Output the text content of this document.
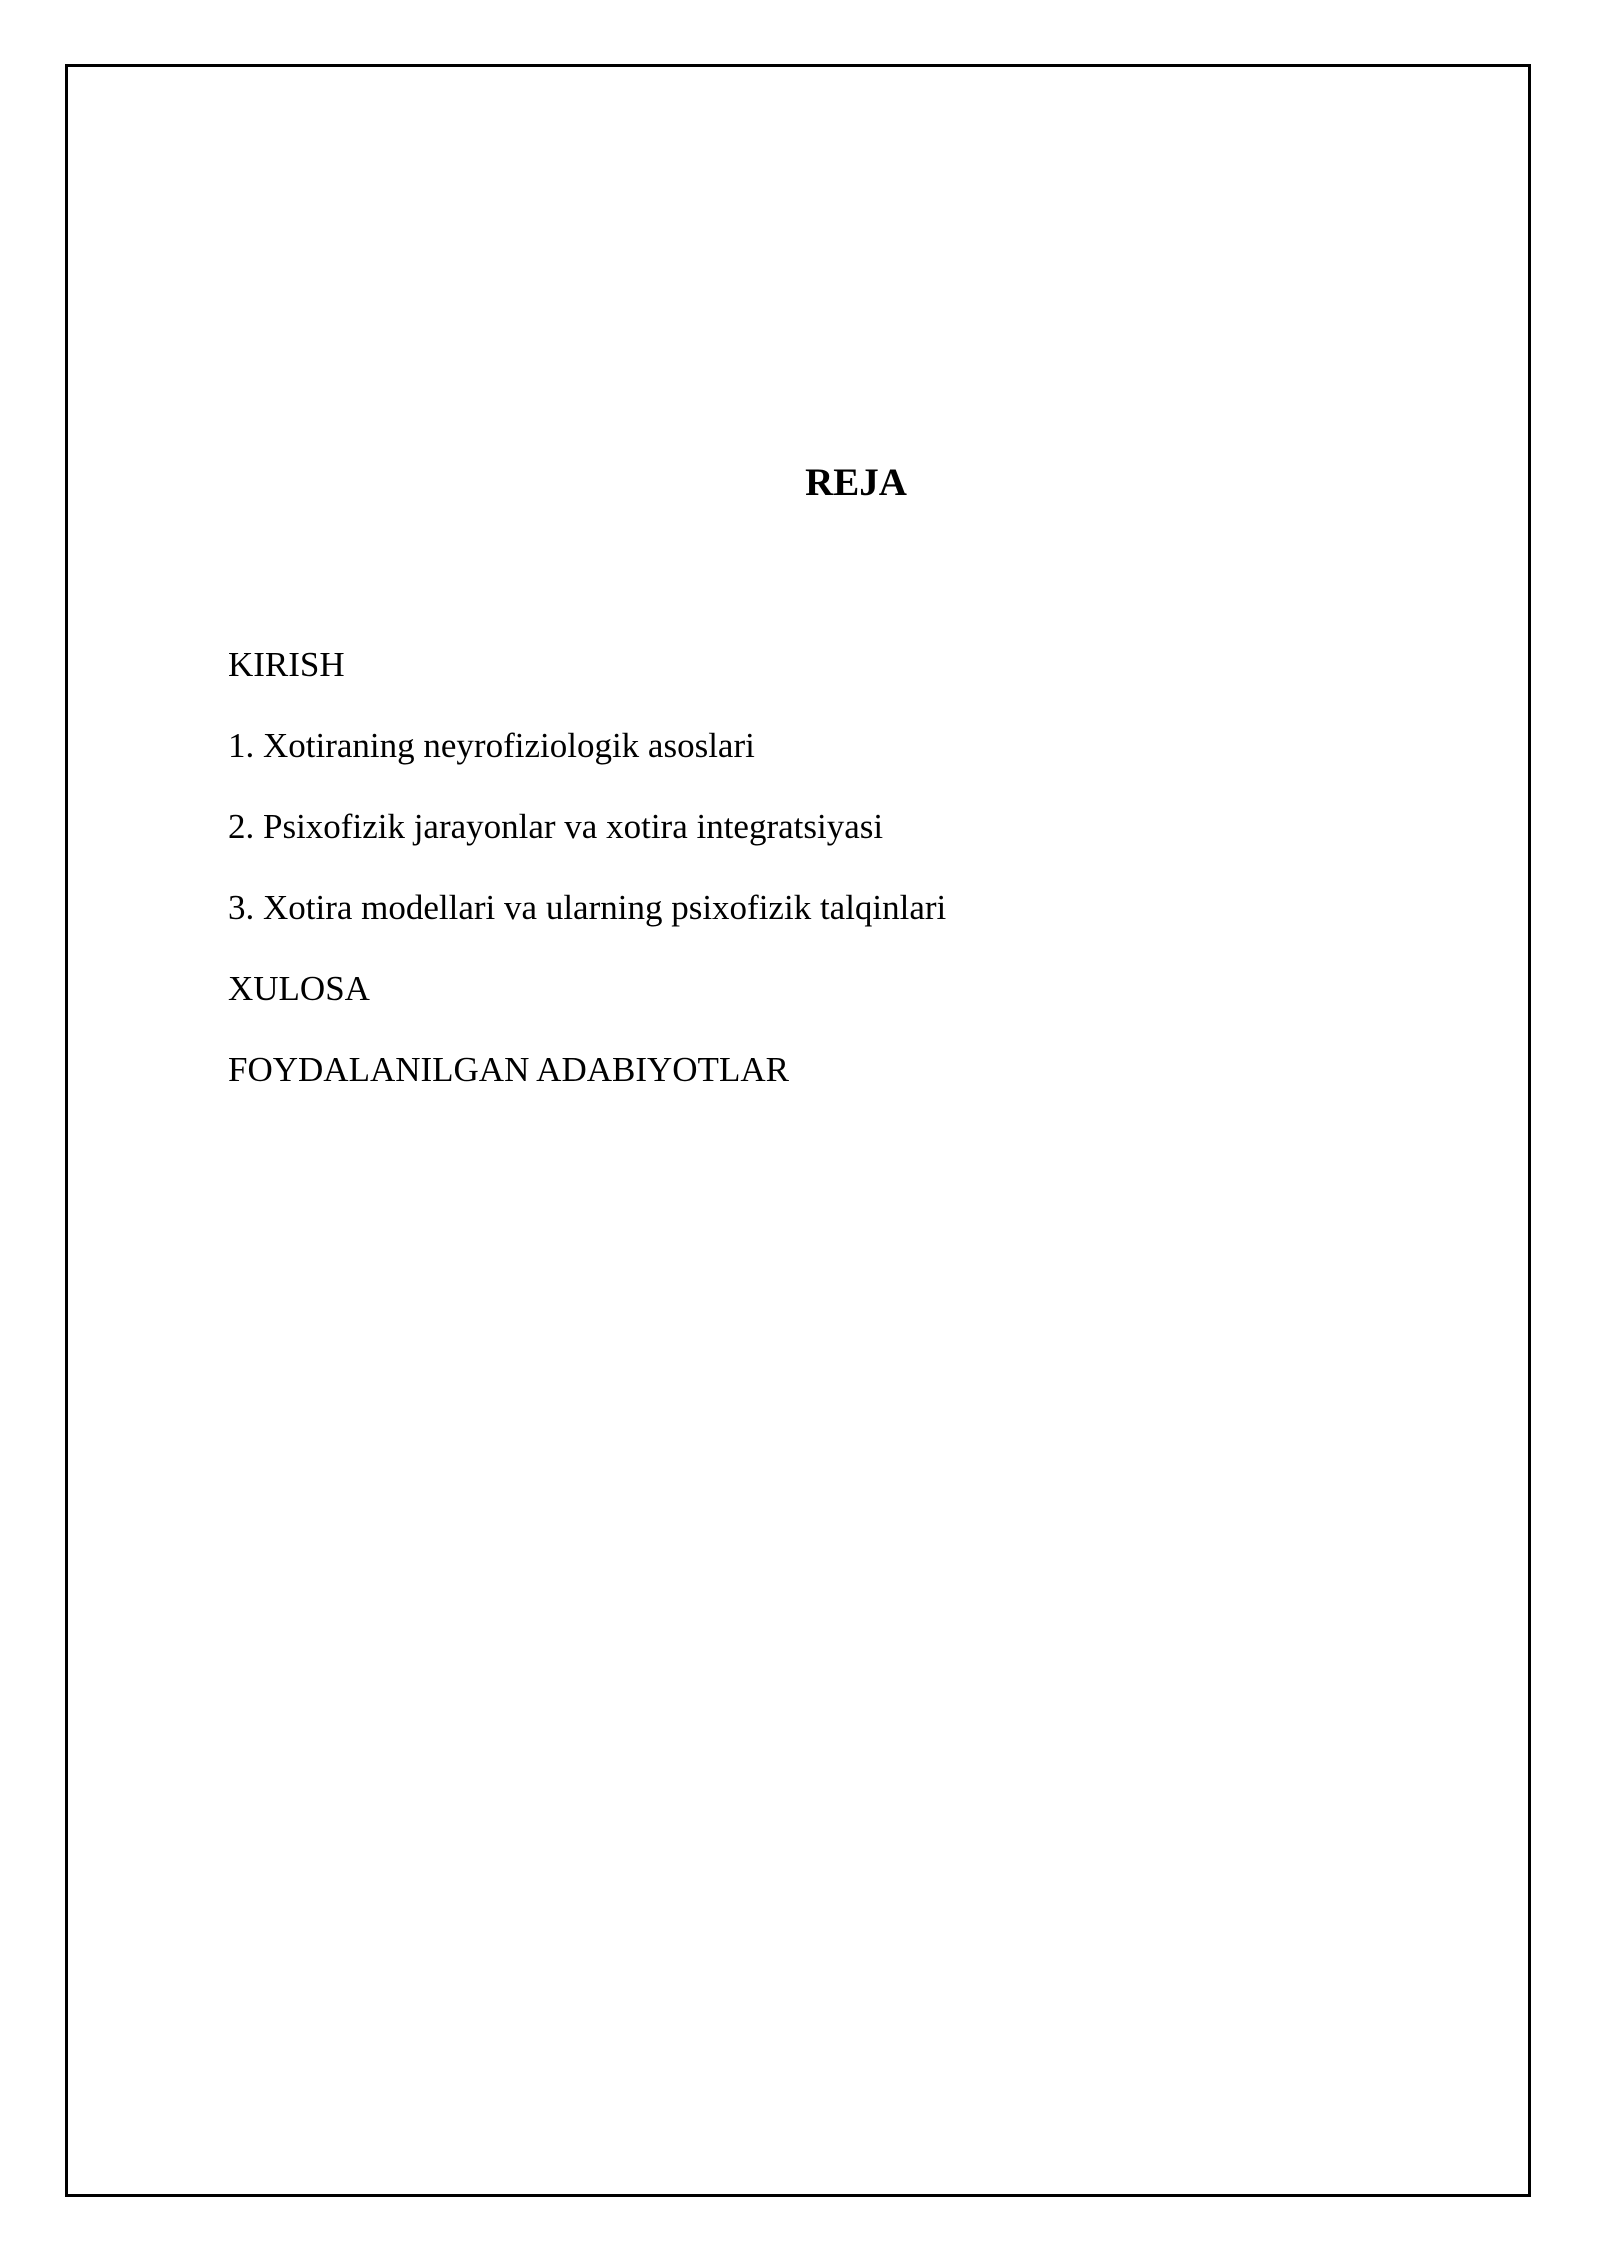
REJA
KIRISH
1. Xotiraning neyrofiziologik asoslari
2. Psixofizik jarayonlar va xotira integratsiyasi
3. Xotira modellari va ularning psixofizik talqinlari
XULOSA
FOYDALANILGAN ADABIYOTLAR
